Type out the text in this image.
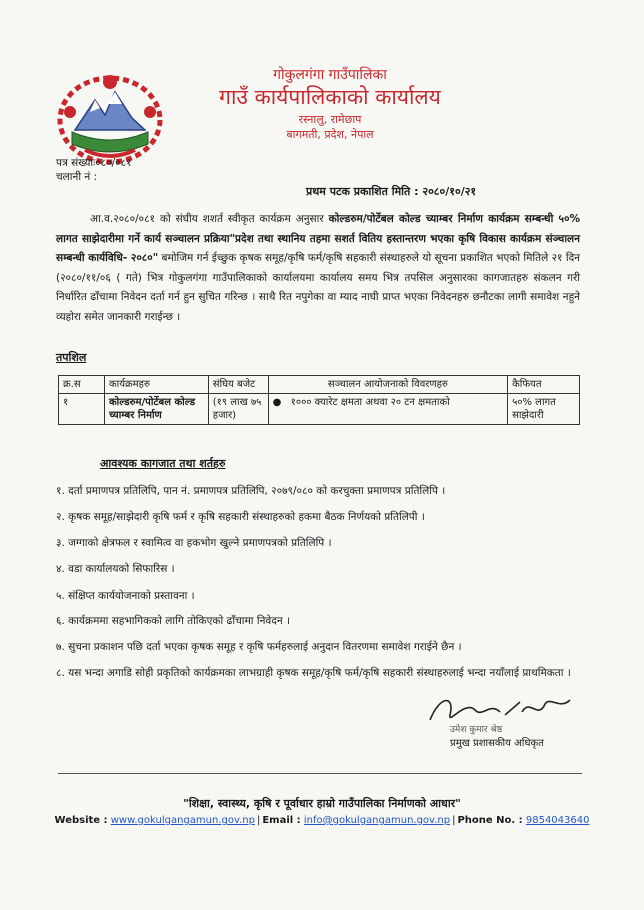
गोकुलगंगा गाउँपालिका
गाउँ कार्यपालिकाको कार्यालय
रस्नालु, रामेछाप
बागमती, प्रदेश, नेपाल
पत्र संख्याः०८०/०८१
चलानी नं :
प्रथम पटक प्रकाशित मिति : २०८०/१०/२१
आ.व.२०८०/०८१ को संघीय शशर्त स्वीकृत कार्यक्रम अनुसार कोल्डरुम/पोर्टेबल कोल्ड च्याम्बर निर्माण कार्यक्रम सम्बन्धी ५०% लागत साझेदारीमा गर्ने कार्य सञ्चालन प्रक्रिया"प्रदेश तथा स्थानिय तहमा सशर्त वितिय हस्तान्तरण भएका कृषि विकास कार्यक्रम संञ्चालन सम्बन्धी कार्यविधि- २०८०" बमोजिम गर्न ईच्छुक कृषक समूह/कृषि फर्म/कृषि सहकारी संस्थाहरुले यो सूचना प्रकाशित भएको मितिले २१ दिन (२०८०/११/०६ ( गते) भित्र गोकुलगंगा गाउँपालिकाको कार्यालयमा कार्यालय समय भित्र तपसिल अनुसारका कागजातहरु संकलन गरी निर्धारित ढाँचामा निवेदन दर्ता गर्न हुन सुचित गरिन्छ । साथै रित नपुगेका वा म्याद नाघी प्राप्त भएका निवेदनहरु छनौटका लागी समावेश नहुने व्यहोरा समेत जानकारी गराईन्छ ।
तपशिल
क्र.स	कार्यक्रमहरु	संघिय बजेट	सञ्चालन आयोजनाको विवरणहरु	कैफियत
१	कोल्डरुम/पोर्टेबल कोल्ड च्याम्बर निर्माण	(१९ लाख ७५ हजार)	● १००० क्यारेट क्षमता अथवा २० टन क्षमताको	५०% लागत साझेदारी
आवश्यक कागजात तथा शर्तहरु
१. दर्ता प्रमाणपत्र प्रतिलिपि, पान नं. प्रमाणपत्र प्रतिलिपि, २०७९/०८० को करचुक्ता प्रमाणपत्र प्रतिलिपि ।
२. कृषक समूह/साझेदारी कृषि फर्म र कृषि सहकारी संस्थाहरुको हकमा बैठक निर्णयको प्रतिलिपी ।
३. जग्गाको क्षेत्रफल र स्वामित्व वा हकभोग खुल्ने प्रमाणपत्रको प्रतिलिपि ।
४. वडा कार्यालयको सिफारिस ।
५. संक्षिप्त कार्ययोजनाको प्रस्तावना ।
६. कार्यक्रममा सहभागिकको लागि तोकिएको ढाँचामा निवेदन ।
७. सुचना प्रकाशन पछि दर्ता भएका कृषक समूह र कृषि फर्महरुलाई अनुदान वितरणमा समावेश गराईने छैन ।
८. यस भन्दा अगाडि सोही प्रकृतिको कार्यक्रमका लाभग्राही कृषक समूह/कृषि फर्म/कृषि सहकारी संस्थाहरुलाई भन्दा नयाँलाई प्राथमिकता ।
उमेश कुमार श्रेष्ठ
प्रमुख प्रशासकीय अधिकृत
"शिक्षा, स्वास्थ्य, कृषि र पूर्वाधार हाम्रो गाउँपालिका निर्माणको आधार"
Website : www.gokulgangamun.gov.np | Email : info@gokulgangamun.gov.np | Phone No. : 9854043640
